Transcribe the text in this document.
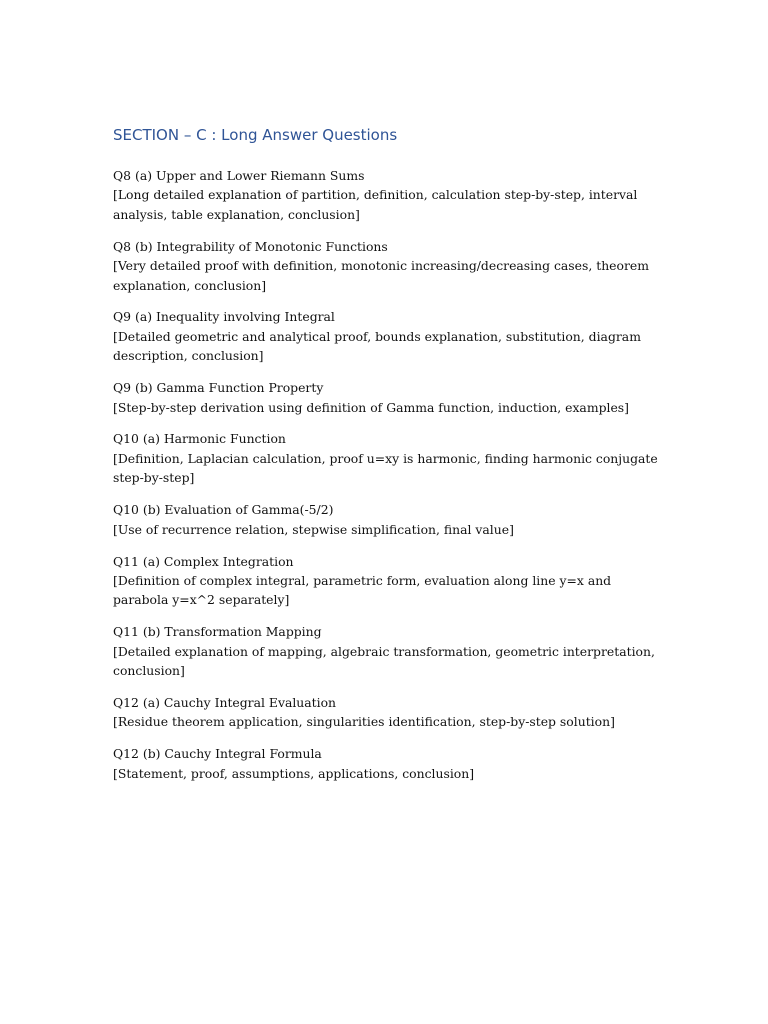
SECTION – C : Long Answer Questions
Q8 (a) Upper and Lower Riemann Sums
[Long detailed explanation of partition, definition, calculation step-by-step, interval analysis, table explanation, conclusion]
Q8 (b) Integrability of Monotonic Functions
[Very detailed proof with definition, monotonic increasing/decreasing cases, theorem explanation, conclusion]
Q9 (a) Inequality involving Integral
[Detailed geometric and analytical proof, bounds explanation, substitution, diagram description, conclusion]
Q9 (b) Gamma Function Property
[Step-by-step derivation using definition of Gamma function, induction, examples]
Q10 (a) Harmonic Function
[Definition, Laplacian calculation, proof u=xy is harmonic, finding harmonic conjugate step-by-step]
Q10 (b) Evaluation of Gamma(-5/2)
[Use of recurrence relation, stepwise simplification, final value]
Q11 (a) Complex Integration
[Definition of complex integral, parametric form, evaluation along line y=x and parabola y=x^2 separately]
Q11 (b) Transformation Mapping
[Detailed explanation of mapping, algebraic transformation, geometric interpretation, conclusion]
Q12 (a) Cauchy Integral Evaluation
[Residue theorem application, singularities identification, step-by-step solution]
Q12 (b) Cauchy Integral Formula
[Statement, proof, assumptions, applications, conclusion]
